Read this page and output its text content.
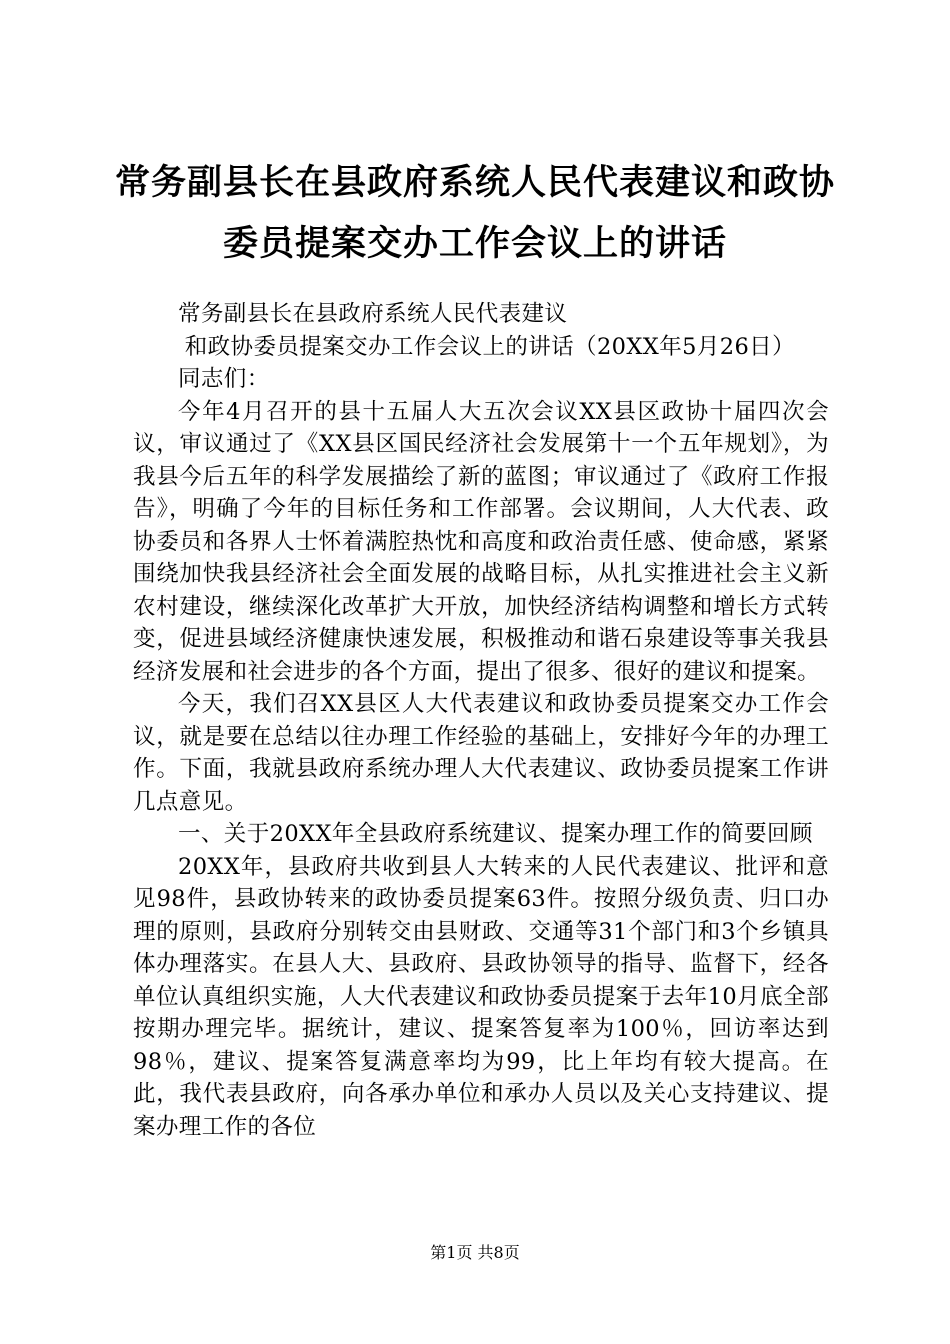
常务副县长在县政府系统人民代表建议和政协
委员提案交办工作会议上的讲话

常务副县长在县政府系统人民代表建议

和政协委员提案交办工作会议上的讲话（20XX年5月26日）

同志们：

今年4月召开的县十五届人大五次会议XX县区政协十届四次会议，审议通过了《XX县区国民经济社会发展第十一个五年规划》，为我县今后五年的科学发展描绘了新的蓝图；审议通过了《政府工作报告》，明确了今年的目标任务和工作部署。会议期间，人大代表、政协委员和各界人士怀着满腔热忱和高度和政治责任感、使命感，紧紧围绕加快我县经济社会全面发展的战略目标，从扎实推进社会主义新农村建设，继续深化改革扩大开放，加快经济结构调整和增长方式转变，促进县域经济健康快速发展，积极推动和谐石泉建设等事关我县经济发展和社会进步的各个方面，提出了很多、很好的建议和提案。

今天，我们召XX县区人大代表建议和政协委员提案交办工作会议，就是要在总结以往办理工作经验的基础上，安排好今年的办理工作。下面，我就县政府系统办理人大代表建议、政协委员提案工作讲几点意见。

一、关于20XX年全县政府系统建议、提案办理工作的简要回顾

20XX年，县政府共收到县人大转来的人民代表建议、批评和意见98件，县政协转来的政协委员提案63件。按照分级负责、归口办理的原则，县政府分别转交由县财政、交通等31个部门和3个乡镇具体办理落实。在县人大、县政府、县政协领导的指导、监督下，经各单位认真组织实施，人大代表建议和政协委员提案于去年10月底全部按期办理完毕。据统计，建议、提案答复率为100％，回访率达到98％，建议、提案答复满意率均为99，比上年均有较大提高。在此，我代表县政府，向各承办单位和承办人员以及关心支持建议、提案办理工作的各位

第1页 共8页
